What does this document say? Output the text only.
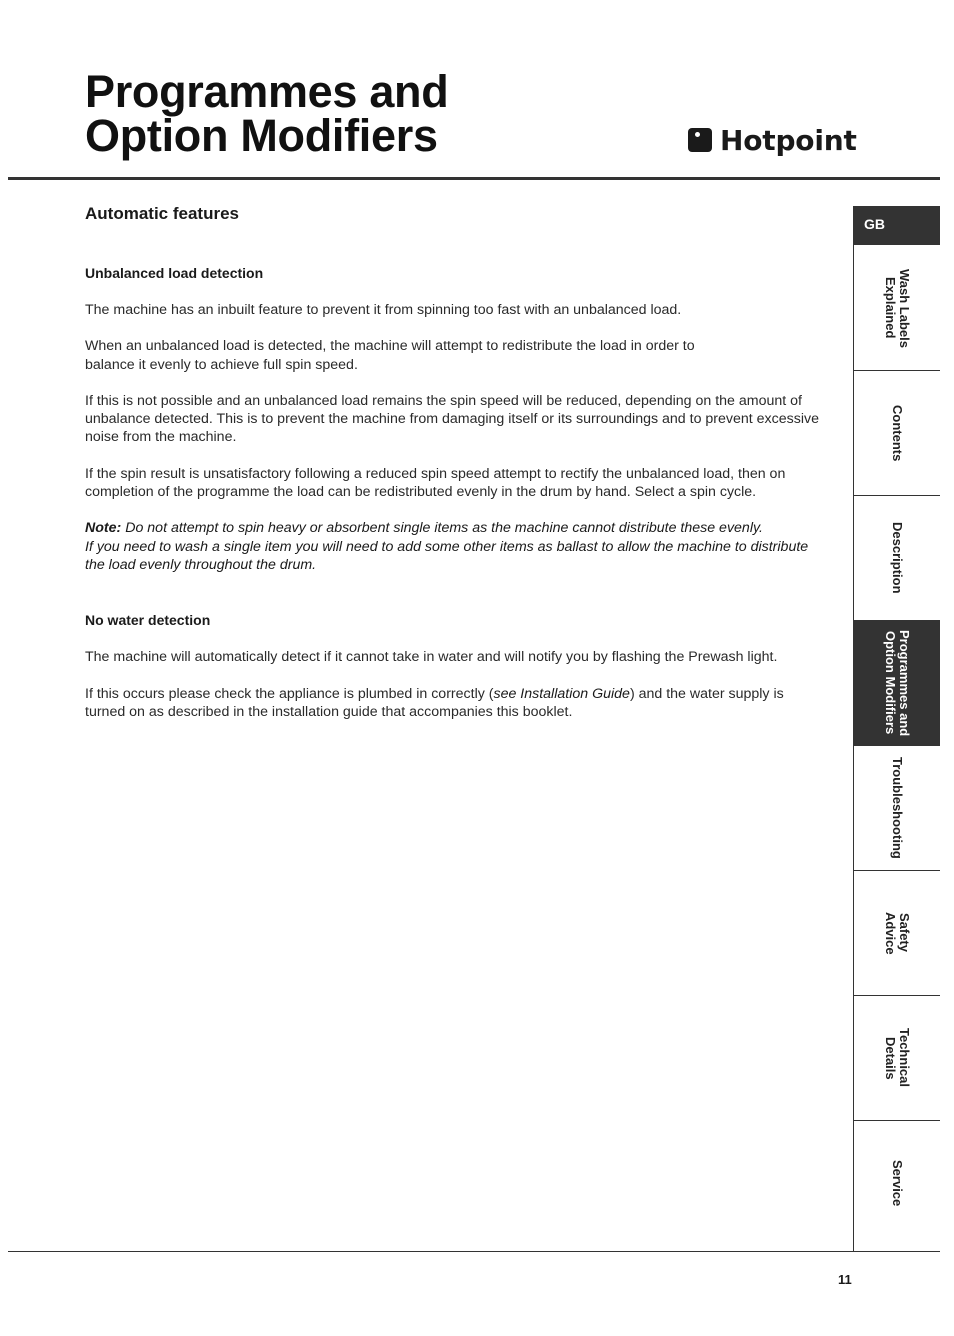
Programmes and
Option Modifiers	Hotpoint
Automatic features
Unbalanced load detection

The machine has an inbuilt feature to prevent it from spinning too fast with an unbalanced load.

When an unbalanced load is detected, the machine will attempt to redistribute the load in order to
balance it evenly to achieve full spin speed.

If this is not possible and an unbalanced load remains the spin speed will be reduced, depending on the amount of unbalance detected. This is to prevent the machine from damaging itself or its surroundings and to prevent excessive noise from the machine.

If the spin result is unsatisfactory following a reduced spin speed attempt to rectify the unbalanced load, then on completion of the programme the load can be redistributed evenly in the drum by hand. Select a spin cycle.

Note: Do not attempt to spin heavy or absorbent single items as the machine cannot distribute these evenly.
If you need to wash a single item you will need to add some other items as ballast to allow the machine to distribute the load evenly throughout the drum.

No water detection

The machine will automatically detect if it cannot take in water and will notify you by flashing the Prewash light.

If this occurs please check the appliance is plumbed in correctly (see Installation Guide) and the water supply is turned on as described in the installation guide that accompanies this booklet.

GB
Wash Labels
Explained
Contents
Description
Programmes and
Option Modifiers
Troubleshooting
Safety
Advice
Technical
Details
Service
11
